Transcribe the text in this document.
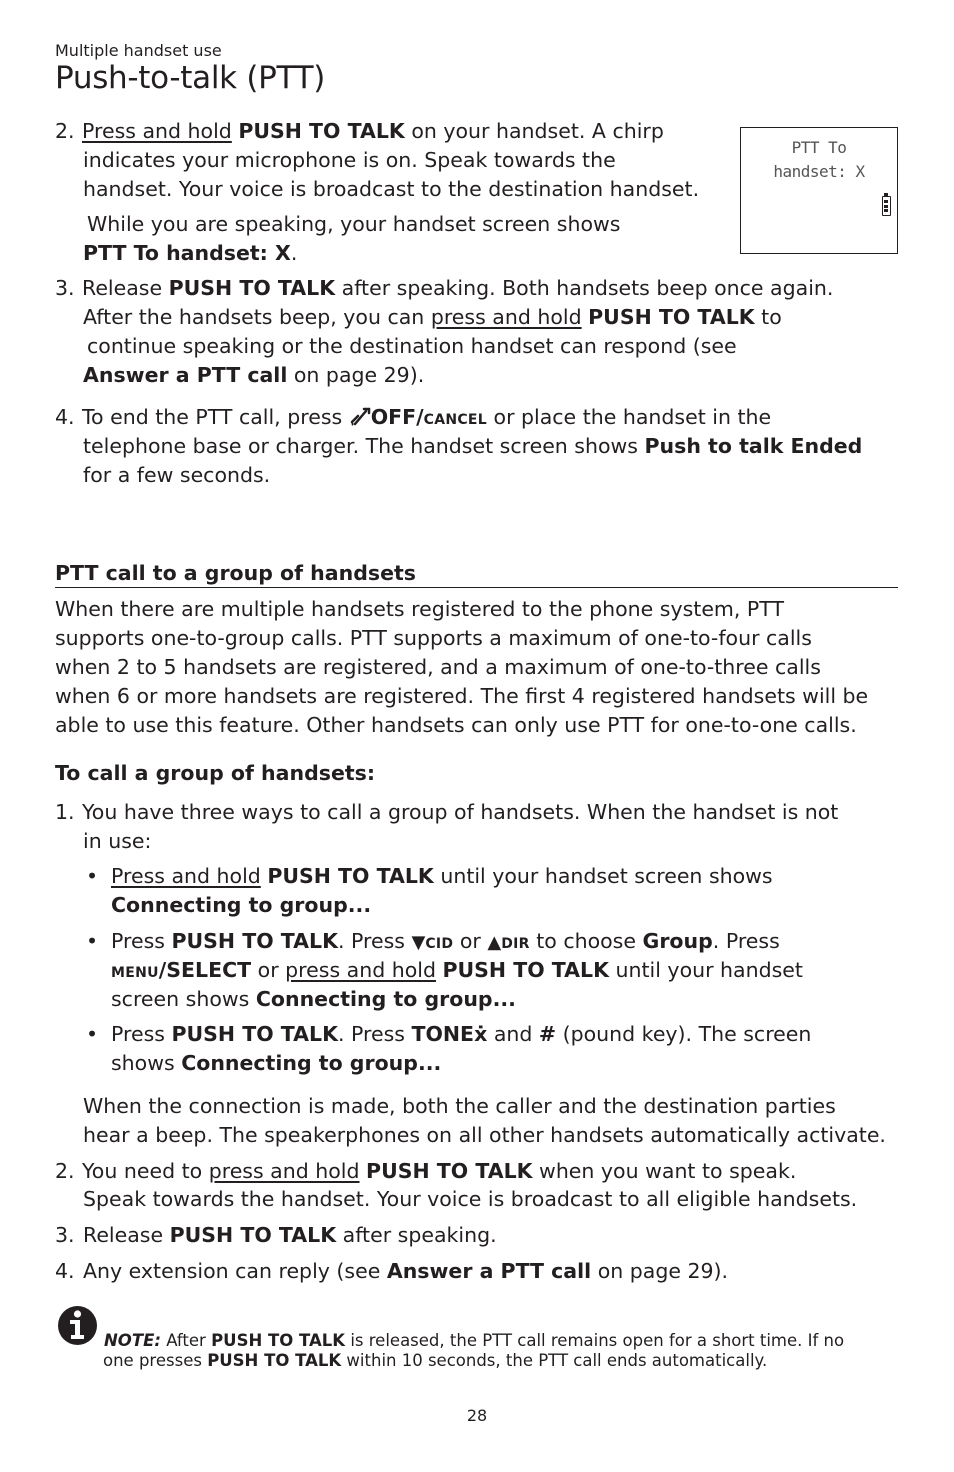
Multiple handset use
Push-to-talk (PTT)
PTT To
handset: X
2. Press and hold PUSH TO TALK on your handset. A chirp
indicates your microphone is on. Speak towards the
handset. Your voice is broadcast to the destination handset.
While you are speaking, your handset screen shows
PTT To handset: X.
3. Release PUSH TO TALK after speaking. Both handsets beep once again.
After the handsets beep, you can press and hold PUSH TO TALK to
continue speaking or the destination handset can respond (see
Answer a PTT call on page 29).
4. To end the PTT call, press OFF/CANCEL or place the handset in the
telephone base or charger. The handset screen shows Push to talk Ended
for a few seconds.
PTT call to a group of handsets
When there are multiple handsets registered to the phone system, PTT
supports one-to-group calls. PTT supports a maximum of one-to-four calls
when 2 to 5 handsets are registered, and a maximum of one-to-three calls
when 6 or more handsets are registered. The first 4 registered handsets will be
able to use this feature. Other handsets can only use PTT for one-to-one calls.
To call a group of handsets:
1. You have three ways to call a group of handsets. When the handset is not
in use:
• Press and hold PUSH TO TALK until your handset screen shows
Connecting to group...
• Press PUSH TO TALK. Press ▼CID or ▲DIR to choose Group. Press
MENU/SELECT or press and hold PUSH TO TALK until your handset
screen shows Connecting to group...
• Press PUSH TO TALK. Press TONEẋ and # (pound key). The screen
shows Connecting to group...
When the connection is made, both the caller and the destination parties
hear a beep. The speakerphones on all other handsets automatically activate.
2. You need to press and hold PUSH TO TALK when you want to speak.
Speak towards the handset. Your voice is broadcast to all eligible handsets.
3. Release PUSH TO TALK after speaking.
4. Any extension can reply (see Answer a PTT call on page 29).
NOTE: After PUSH TO TALK is released, the PTT call remains open for a short time. If no
one presses PUSH TO TALK within 10 seconds, the PTT call ends automatically.
28
